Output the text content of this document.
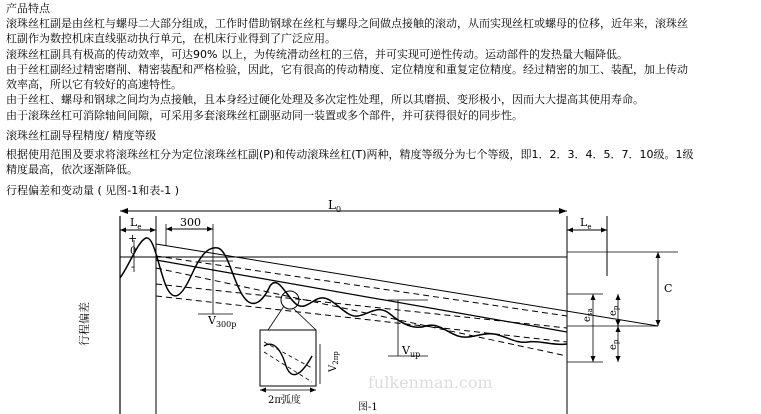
产品特点
滚珠丝杠副是由丝杠与螺母二大部分组成，工作时借助钢球在丝杠与螺母之间做点接触的滚动，从而实现丝杠或螺母的位移，近年来，滚珠丝
杠副作为数控机床直线驱动执行单元，在机床行业得到了广泛应用。
滚珠丝杠副具有极高的传动效率，可达90% 以上，为传统滑动丝杠的三倍，并可实现可逆性传动。运动部件的发热量大幅降低。
由于丝杠副经过精密磨削、精密装配和严格检验，因此，它有很高的传动精度、定位精度和重复定位精度。经过精密的加工、装配，加上传动
效率高，所以它有较好的高速特性。
由于丝杠、螺母和钢球之间均为点接触，且本身经过硬化处理及多次定性处理，所以其磨损、变形极小，因而大大提高其使用寿命。
由于滚珠丝杠可消除轴间间隙，可采用多套滚珠丝杠副驱动同一装置或多个部件，并可获得很好的同步性。
滚珠丝杠副导程精度/ 精度等级
根据使用范围及要求将滚珠丝杠分为定位滚珠丝杠副(P)和传动滚珠丝杠(T)两种，精度等级分为七个等级，即1．2．3．4．5．7．10级。1级
精度最高，依次逐渐降低。
行程偏差和变动量 ( 见图-1和表-1 )
fulkenman.com
$L_0$
$L_e$	$L_e$
300
+
0
-
行程偏差	$V_{300p}$
$V_{2\pi p}$
2π弧度
$V_{up}$
$e_{sa}$ $e_p$
$e_p$
C
图-1
